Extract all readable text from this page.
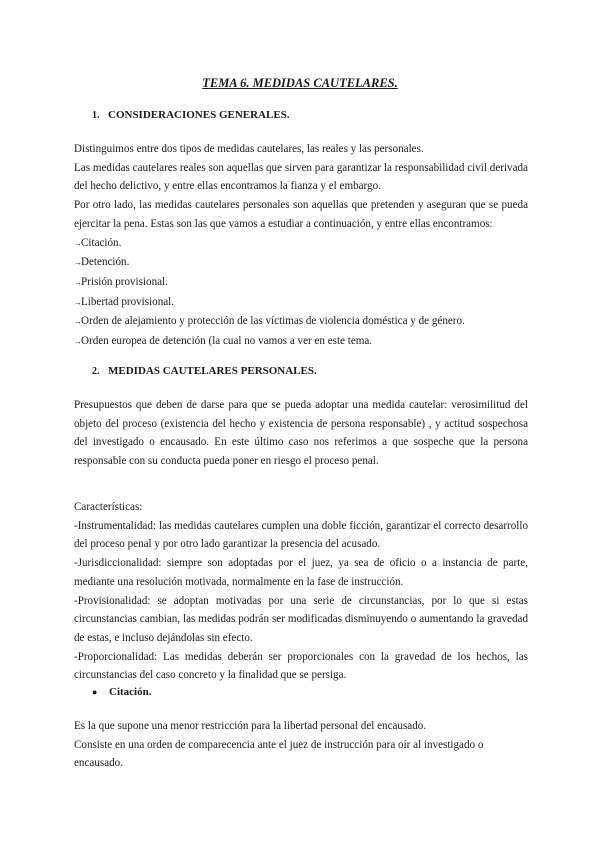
TEMA 6. MEDIDAS CAUTELARES.
1. CONSIDERACIONES GENERALES.

Distinguimos entre dos tipos de medidas cautelares, las reales y las personales.

Las medidas cautelares reales son aquellas que sirven para garantizar la responsabilidad civil derivada del hecho delictivo, y entre ellas encontramos la fianza y el embargo.

Por otro lado, las medidas cautelares personales son aquellas que pretenden y aseguran que se pueda ejercitar la pena. Estas son las que vamos a estudiar a continuación, y entre ellas encontramos:

→Citación.

→Detención.

→Prisión provisional.

→Libertad provisional.

→Orden de alejamiento y protección de las víctimas de violencia doméstica y de género.

→Orden europea de detención (la cual no vamos a ver en este tema.

2. MEDIDAS CAUTELARES PERSONALES.

Presupuestos que deben de darse para que se pueda adoptar una medida cautelar: verosimilitud del objeto del proceso (existencia del hecho y existencia de persona responsable) , y actitud sospechosa del investigado o encausado. En este último caso nos referimos a que sospeche que la persona responsable con su conducta pueda poner en riesgo el proceso penal.

Características:

-Instrumentalidad: las medidas cautelares cumplen una doble ficción, garantizar el correcto desarrollo del proceso penal y por otro lado garantizar la presencia del acusado.

-Jurisdiccionalidad: siempre son adoptadas por el juez, ya sea de oficio o a instancia de parte, mediante una resolución motivada, normalmente en la fase de instrucción.

-Provisionalidad: se adoptan motivadas por una serie de circunstancias, por lo que si estas circunstancias cambian, las medidas podrán ser modificadas disminuyendo o aumentando la gravedad de estas, e incluso dejándolas sin efecto.

-Proporcionalidad: Las medidas deberán ser proporcionales con la gravedad de los hechos, las circunstancias del caso concreto y la finalidad que se persiga.

●	Citación.

Es la que supone una menor restricción para la libertad personal del encausado.

Consiste en una orden de comparecencia ante el juez de instrucción para oír al investigado o encausado.
